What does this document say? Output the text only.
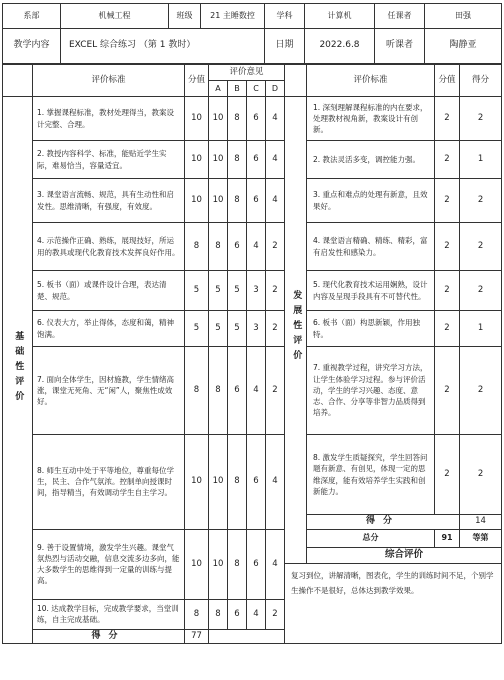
系部	机械工程	班级	21 主睡数控	学科	计算机	任课者	田强
教学内容	EXCEL 综合练习 （第 1 教时）			日期	2022.6.8	听课者	陶静亚
	评价标准	分值	评价意见					评价标准	分值	得分	
			A	B	C	D					
基础性评价	1. 掌握课程标准，教材处理得当，教案设计完整、合理。	10	10	8	6	4	发展性评价	1. 深刻理解课程标准的内在要求，处理教材视角新，教案设计有创新。	2	2	
	2. 教授内容科学、标准，能贴近学生实际，难易恰当，容量适宜。	10	10	8	6	4		2. 教法灵活多变，调控能力强。	2	1	
	3. 课堂语言流畅、规范，具有生动性和启发性。思维清晰，有强度，有效度。	10	10	8	6	4		3. 重点和难点的处理有新意，且效果好。	2	2	
	4. 示范操作正确、熟练，展现技好，所运用的教具或现代化教育技术发挥良好作用。	8	8	6	4	2		4. 课堂语言精确、精练、精彩，富有启发性和感染力。	2	2	
	5. 板书（面）或课件设计合理，表达清楚、规范。	5	5	5	3	2		5. 现代化教育技术运用娴熟，设计内容及呈现手段具有不可替代性。	2	2	
	6. 仪表大方，举止得体，态度和蔼，精神饱满。	5	5	5	3	2		6. 板书（面）构思新颖，作用独特。	2	1	
	7. 面向全体学生，因材施教，学生情绪高涨，课堂无死角、无“闲”人，聚焦性成效好。	8	8	6	4	2		7. 重视教学过程，讲究学习方法，让学生体验学习过程。参与评价活动，学生的学习兴趣、态度、意志、合作、分享等非智力品质得到培养。	2	2	
	8. 师生互动中处于平等地位，尊重每位学生，民主、合作气氛浓。控制单向授课时间，指导精当，有效调动学生自主学习。	10	10	8	6	4		8. 激发学生质疑探究，学生回答问题有新意、有创见，体现一定的思维深度，能有效培养学生实践和创新能力。	2	2	
								得分		14	
	9. 善于设置情境，激发学生兴趣。课堂气氛热烈与活动交融，信息交流多边多向，能大多数学生的思维得到一定量的训练与提高。	10	10	8	6	4		总分	91	等第	
								综合评价			
							复习到位，讲解清晰，图表化，学生的训练时间不足，个别学生操作不是很好，总体达到教学效果。				
	10. 达成教学目标，完成教学要求，当堂训练，自主完成基础。	8	8	6	4	2					
	得分	77									
